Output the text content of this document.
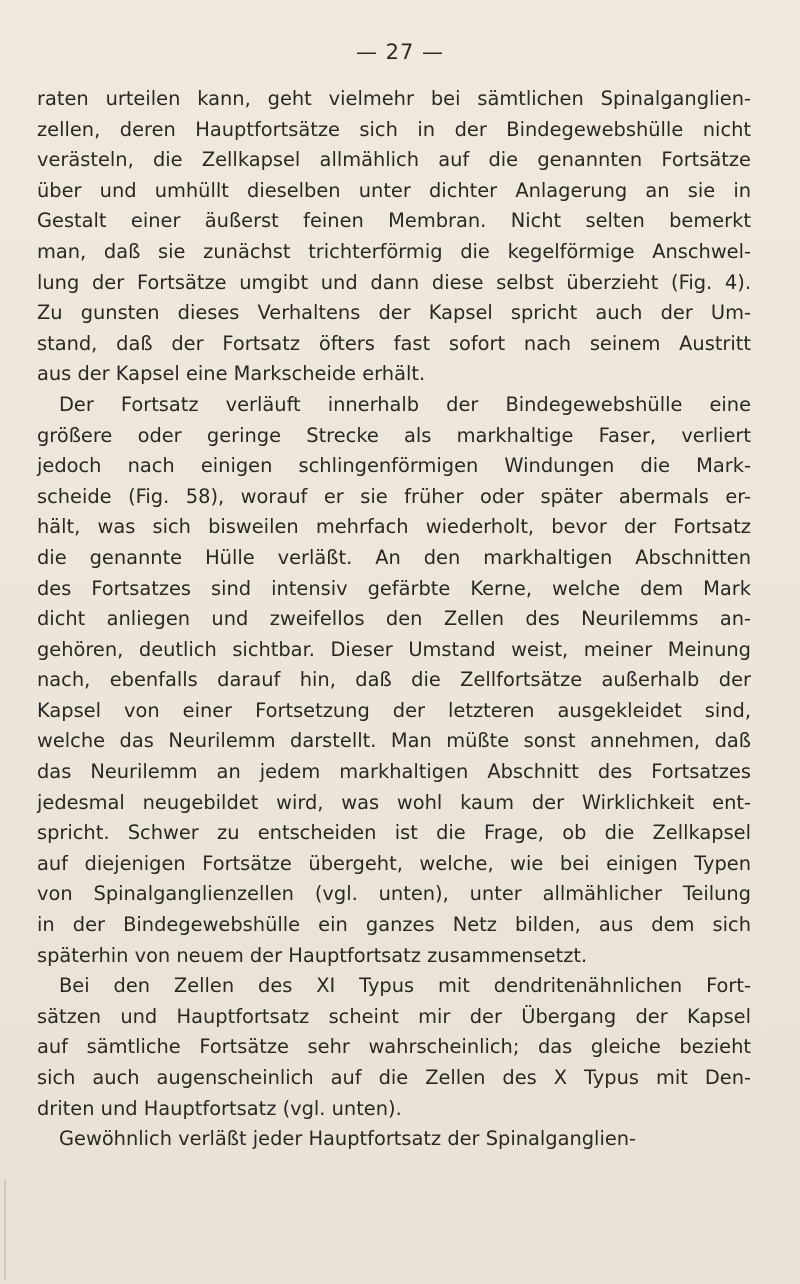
— 27 —
raten urteilen kann, geht vielmehr bei sämtlichen Spinalganglien-
zellen, deren Hauptfortsätze sich in der Bindegewebshülle nicht
verästeln, die Zellkapsel allmählich auf die genannten Fortsätze
über und umhüllt dieselben unter dichter Anlagerung an sie in
Gestalt einer äußerst feinen Membran. Nicht selten bemerkt
man, daß sie zunächst trichterförmig die kegelförmige Anschwel-
lung der Fortsätze umgibt und dann diese selbst überzieht (Fig. 4).
Zu gunsten dieses Verhaltens der Kapsel spricht auch der Um-
stand, daß der Fortsatz öfters fast sofort nach seinem Austritt
aus der Kapsel eine Markscheide erhält.
Der Fortsatz verläuft innerhalb der Bindegewebshülle eine
größere oder geringe Strecke als markhaltige Faser, verliert
jedoch nach einigen schlingenförmigen Windungen die Mark-
scheide (Fig. 58), worauf er sie früher oder später abermals er-
hält, was sich bisweilen mehrfach wiederholt, bevor der Fortsatz
die genannte Hülle verläßt. An den markhaltigen Abschnitten
des Fortsatzes sind intensiv gefärbte Kerne, welche dem Mark
dicht anliegen und zweifellos den Zellen des Neurilemms an-
gehören, deutlich sichtbar. Dieser Umstand weist, meiner Meinung
nach, ebenfalls darauf hin, daß die Zellfortsätze außerhalb der
Kapsel von einer Fortsetzung der letzteren ausgekleidet sind,
welche das Neurilemm darstellt. Man müßte sonst annehmen, daß
das Neurilemm an jedem markhaltigen Abschnitt des Fortsatzes
jedesmal neugebildet wird, was wohl kaum der Wirklichkeit ent-
spricht. Schwer zu entscheiden ist die Frage, ob die Zellkapsel
auf diejenigen Fortsätze übergeht, welche, wie bei einigen Typen
von Spinalganglienzellen (vgl. unten), unter allmählicher Teilung
in der Bindegewebshülle ein ganzes Netz bilden, aus dem sich
späterhin von neuem der Hauptfortsatz zusammensetzt.
Bei den Zellen des XI Typus mit dendritenähnlichen Fort-
sätzen und Hauptfortsatz scheint mir der Übergang der Kapsel
auf sämtliche Fortsätze sehr wahrscheinlich; das gleiche bezieht
sich auch augenscheinlich auf die Zellen des X Typus mit Den-
driten und Hauptfortsatz (vgl. unten).
Gewöhnlich verläßt jeder Hauptfortsatz der Spinalganglien-
